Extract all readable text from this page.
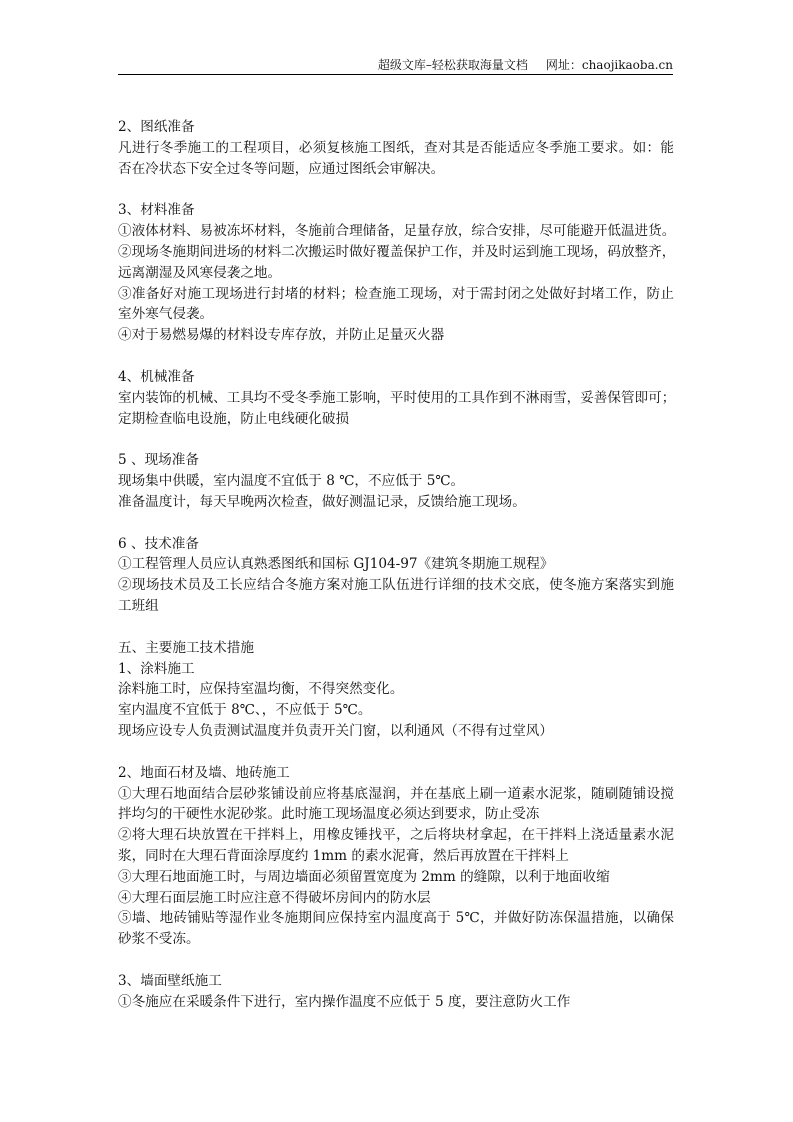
超级文库–轻松获取海量文档 网址：chaojikaoba.cn
2、图纸准备
凡进行冬季施工的工程项目，必须复核施工图纸，查对其是否能适应冬季施工要求。如：能
否在冷状态下安全过冬等问题，应通过图纸会审解决。
3、材料准备
①液体材料、易被冻坏材料，冬施前合理储备，足量存放，综合安排，尽可能避开低温进货。
②现场冬施期间进场的材料二次搬运时做好覆盖保护工作，并及时运到施工现场，码放整齐，
远离潮湿及风寒侵袭之地。
③准备好对施工现场进行封堵的材料；检查施工现场，对于需封闭之处做好封堵工作，防止
室外寒气侵袭。
④对于易燃易爆的材料设专库存放，并防止足量灭火器
4、机械准备
室内装饰的机械、工具均不受冬季施工影响，平时使用的工具作到不淋雨雪，妥善保管即可；
定期检查临电设施，防止电线硬化破损
5 、现场准备
现场集中供暖，室内温度不宜低于 8 ℃，不应低于 5℃。
准备温度计，每天早晚两次检查，做好测温记录，反馈给施工现场。
6 、技术准备
①工程管理人员应认真熟悉图纸和国标 GJ104-97《建筑冬期施工规程》
②现场技术员及工长应结合冬施方案对施工队伍进行详细的技术交底，使冬施方案落实到施
工班组
五、主要施工技术措施
1、涂料施工
涂料施工时，应保持室温均衡，不得突然变化。
室内温度不宜低于 8℃、，不应低于 5℃。
现场应设专人负责测试温度并负责开关门窗，以利通风（不得有过堂风）
2、地面石材及墙、地砖施工
①大理石地面结合层砂浆铺设前应将基底湿润，并在基底上刷一道素水泥浆，随刷随铺设搅
拌均匀的干硬性水泥砂浆。此时施工现场温度必须达到要求，防止受冻
②将大理石块放置在干拌料上，用橡皮锤找平，之后将块材拿起，在干拌料上浇适量素水泥
浆，同时在大理石背面涂厚度约 1mm 的素水泥膏，然后再放置在干拌料上
③大理石地面施工时，与周边墙面必须留置宽度为 2mm 的缝隙，以利于地面收缩
④大理石面层施工时应注意不得破坏房间内的防水层
⑤墙、地砖铺贴等湿作业冬施期间应保持室内温度高于 5℃，并做好防冻保温措施，以确保
砂浆不受冻。
3、墙面壁纸施工
①冬施应在采暖条件下进行，室内操作温度不应低于 5 度，要注意防火工作
